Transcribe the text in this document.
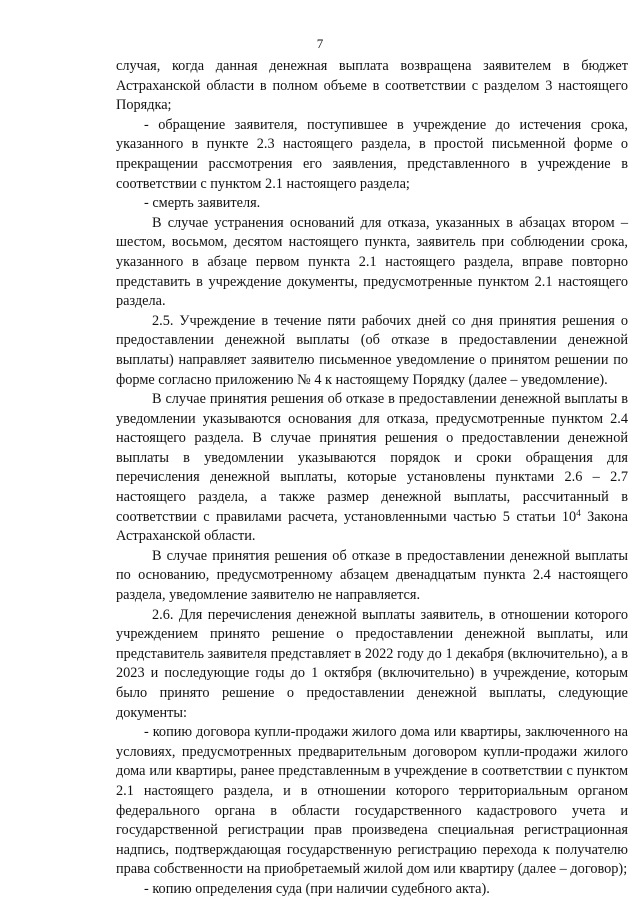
7

случая, когда данная денежная выплата возвращена заявителем в бюджет Астраханской области в полном объеме в соответствии с разделом 3 настоящего Порядка;

- обращение заявителя, поступившее в учреждение до истечения срока, указанного в пункте 2.3 настоящего раздела, в простой письменной форме о прекращении рассмотрения его заявления, представленного в учреждение в соответствии с пунктом 2.1 настоящего раздела;

- смерть заявителя.

В случае устранения оснований для отказа, указанных в абзацах втором – шестом, восьмом, десятом настоящего пункта, заявитель при соблюдении срока, указанного в абзаце первом пункта 2.1 настоящего раздела, вправе повторно представить в учреждение документы, предусмотренные пунктом 2.1 настоящего раздела.

2.5. Учреждение в течение пяти рабочих дней со дня принятия решения о предоставлении денежной выплаты (об отказе в предоставлении денежной выплаты) направляет заявителю письменное уведомление о принятом решении по форме согласно приложению № 4 к настоящему Порядку (далее – уведомление).

В случае принятия решения об отказе в предоставлении денежной выплаты в уведомлении указываются основания для отказа, предусмотренные пунктом 2.4 настоящего раздела. В случае принятия решения о предоставлении денежной выплаты в уведомлении указываются порядок и сроки обращения для перечисления денежной выплаты, которые установлены пунктами 2.6 – 2.7 настоящего раздела, а также размер денежной выплаты, рассчитанный в соответствии с правилами расчета, установленными частью 5 статьи $10^4$ Закона Астраханской области.

В случае принятия решения об отказе в предоставлении денежной выплаты по основанию, предусмотренному абзацем двенадцатым пункта 2.4 настоящего раздела, уведомление заявителю не направляется.

2.6. Для перечисления денежной выплаты заявитель, в отношении которого учреждением принято решение о предоставлении денежной выплаты, или представитель заявителя представляет в 2022 году до 1 декабря (включительно), а в 2023 и последующие годы до 1 октября (включительно) в учреждение, которым было принято решение о предоставлении денежной выплаты, следующие документы:

- копию договора купли-продажи жилого дома или квартиры, заключенного на условиях, предусмотренных предварительным договором купли-продажи жилого дома или квартиры, ранее представленным в учреждение в соответствии с пунктом 2.1 настоящего раздела, и в отношении которого территориальным органом федерального органа в области государственного кадастрового учета и государственной регистрации прав произведена специальная регистрационная надпись, подтверждающая государственную регистрацию перехода к получателю права собственности на приобретаемый жилой дом или квартиру (далее – договор);

- копию определения суда (при наличии судебного акта).
